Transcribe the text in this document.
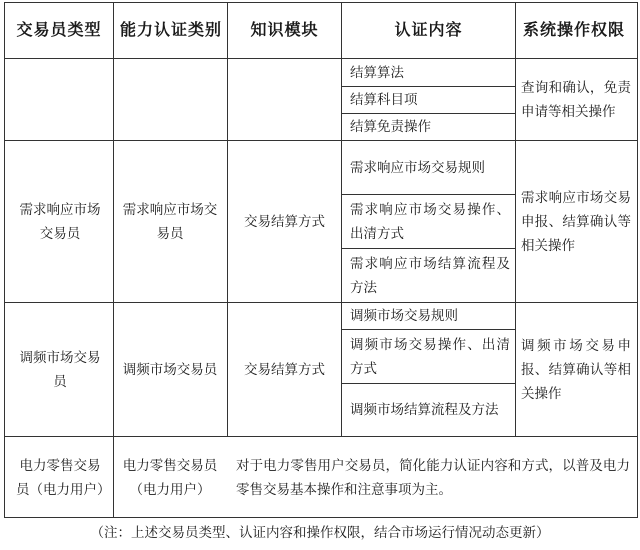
交易员类型 能力认证类别 知识模块	认证内容	系统操作权限
结算算法
结算科目项
结算免责操作
查询和确认，免责申请等相关操作
需求响应市场交易员
需求响应市场交易员
交易结算方式
需求响应市场交易规则
需求响应市场交易操作、出清方式
需求响应市场结算流程及方法
需求响应市场交易申报、结算确认等相关操作
调频市场交易员
调频市场交易员 交易结算方式
调频市场交易规则
调频市场交易操作、出清方式
调频市场结算流程及方法
调频市场交易申报、结算确认等相关操作
电力零售交易员（电力用户）
电力零售交易员（电力用户）
对于电力零售用户交易员，简化能力认证内容和方式，以普及电力零售交易基本操作和注意事项为主。
（注：上述交易员类型、认证内容和操作权限，结合市场运行情况动态更新）
